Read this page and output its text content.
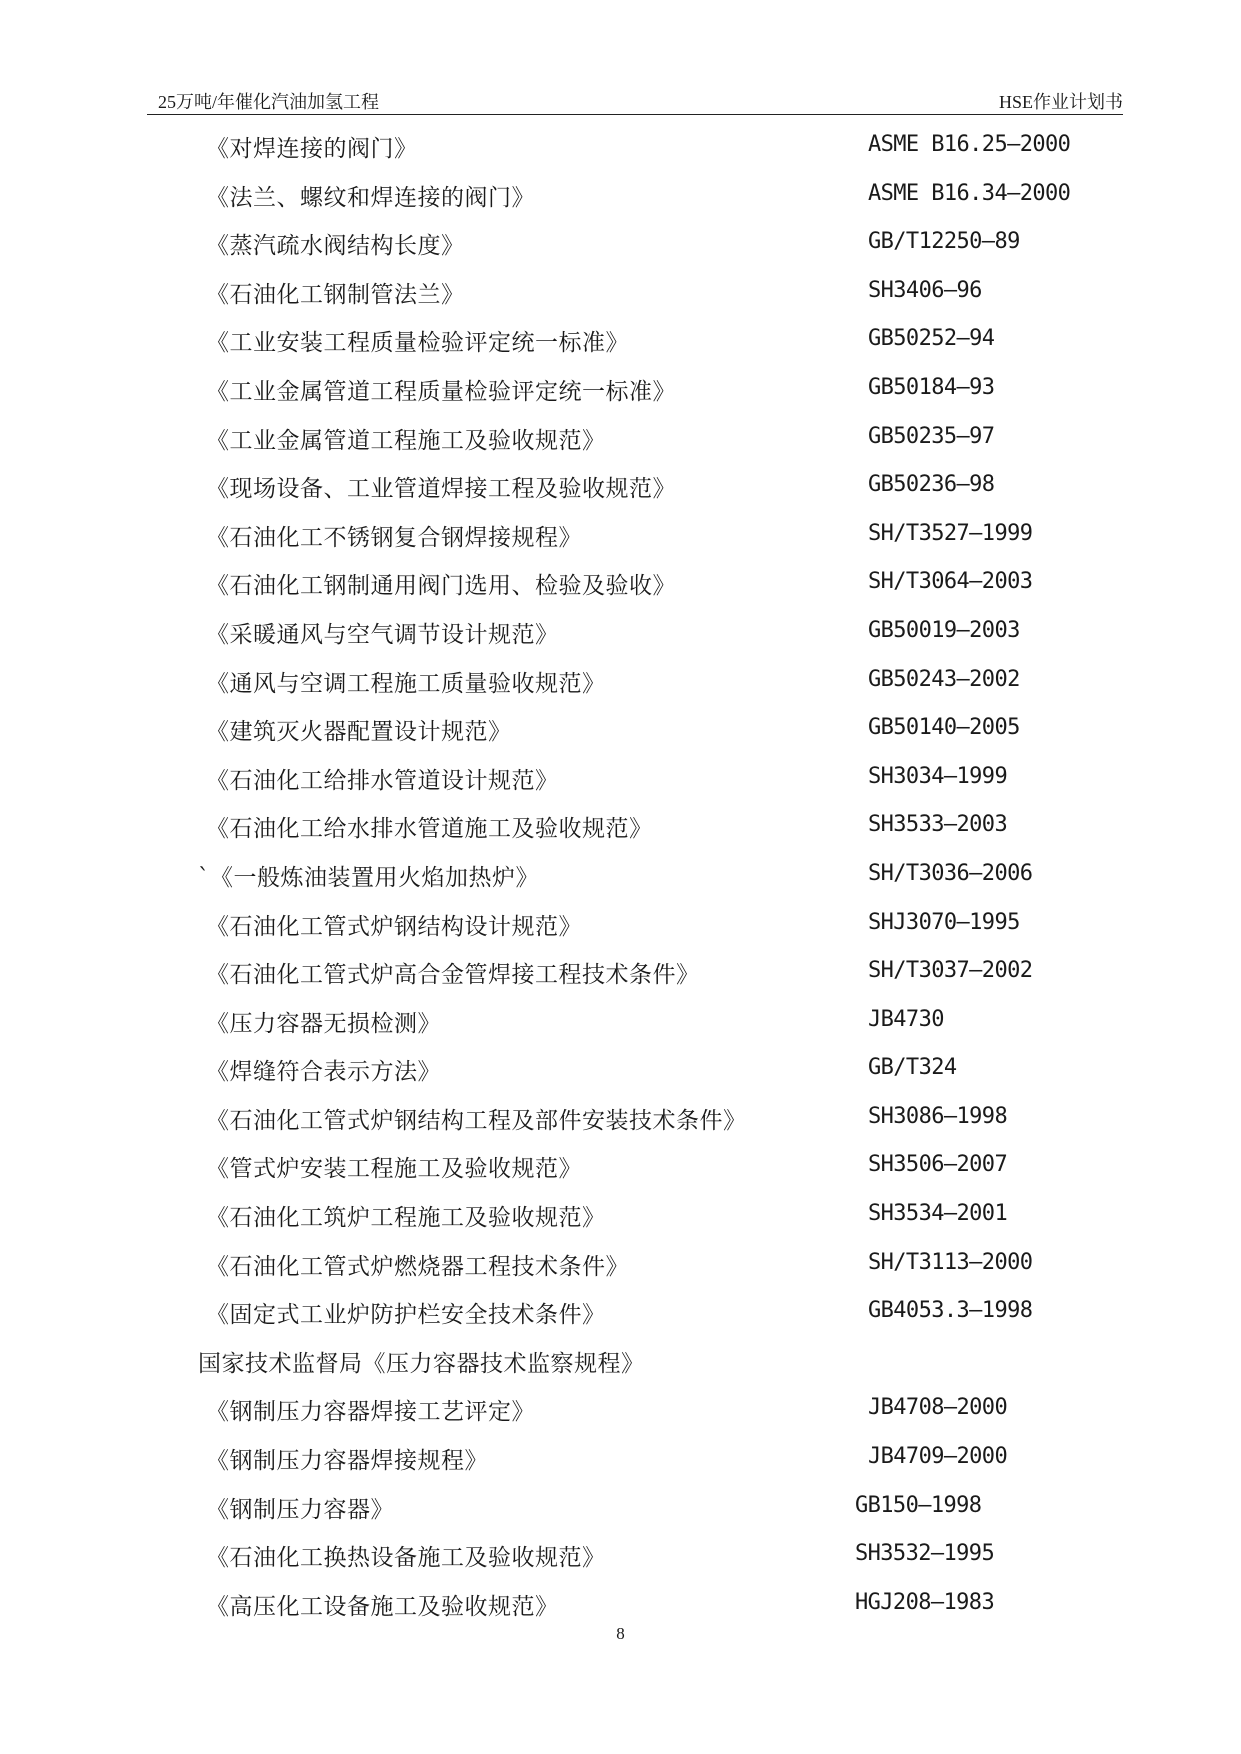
25万吨/年催化汽油加氢工程	HSE作业计划书
《对焊连接的阀门》	ASME B16.25—2000
《法兰、螺纹和焊连接的阀门》	ASME B16.34—2000
《蒸汽疏水阀结构长度》	GB/T12250—89
《石油化工钢制管法兰》	SH3406—96
《工业安装工程质量检验评定统一标准》	GB50252—94
《工业金属管道工程质量检验评定统一标准》	GB50184—93
《工业金属管道工程施工及验收规范》	GB50235—97
《现场设备、工业管道焊接工程及验收规范》	GB50236—98
《石油化工不锈钢复合钢焊接规程》	SH/T3527—1999
《石油化工钢制通用阀门选用、检验及验收》	SH/T3064—2003
《采暖通风与空气调节设计规范》	GB50019—2003
《通风与空调工程施工质量验收规范》	GB50243—2002
《建筑灭火器配置设计规范》	GB50140—2005
《石油化工给排水管道设计规范》	SH3034—1999
《石油化工给水排水管道施工及验收规范》	SH3533—2003
`《一般炼油装置用火焰加热炉》	SH/T3036—2006
《石油化工管式炉钢结构设计规范》	SHJ3070—1995
《石油化工管式炉高合金管焊接工程技术条件》	SH/T3037—2002
《压力容器无损检测》	JB4730
《焊缝符合表示方法》	GB/T324
《石油化工管式炉钢结构工程及部件安装技术条件》	SH3086—1998
《管式炉安装工程施工及验收规范》	SH3506—2007
《石油化工筑炉工程施工及验收规范》	SH3534—2001
《石油化工管式炉燃烧器工程技术条件》	SH/T3113—2000
《固定式工业炉防护栏安全技术条件》	GB4053.3—1998
国家技术监督局《压力容器技术监察规程》
《钢制压力容器焊接工艺评定》	JB4708—2000
《钢制压力容器焊接规程》	JB4709—2000
《钢制压力容器》	GB150—1998
《石油化工换热设备施工及验收规范》	SH3532—1995
《高压化工设备施工及验收规范》	HGJ208—1983
8
